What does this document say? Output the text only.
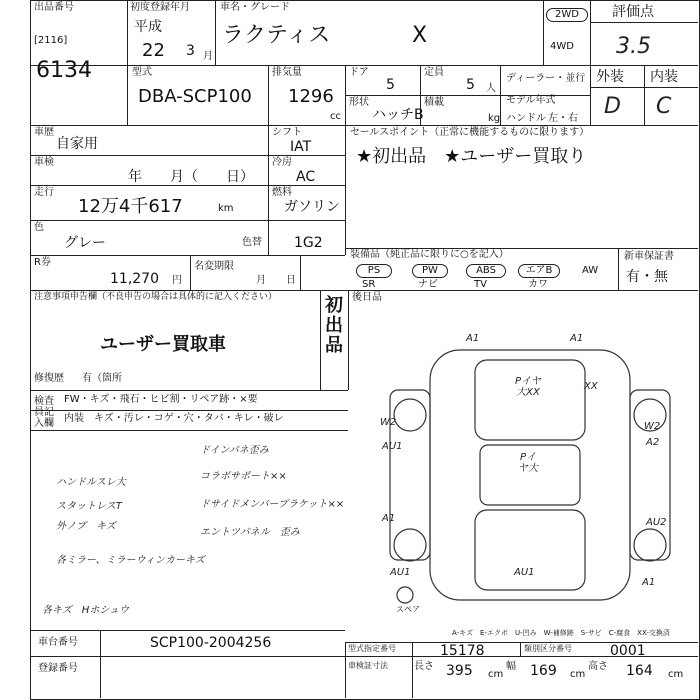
出品番号
[2116]
6134
初度登録年月
平成
22 3 月
車名・グレード
ラクティス	X
2WD
4WD
評価点
3.5
型式
DBA-SCP100
排気量
1296
cc
ドア
5
定員
5 人
形状
ハッチB
積載
kg
ディーラー・並行
モデル年式
ハンドル 左・右
外装 内装
D C
車歴
自家用
シフト
IAT
車検
年　　月（　　日）
冷房
AC
走行
12万4千617	km
燃料
ガソリン
色
グレー	色替 1G2
R券
11,270 円
名変期限
月　　日
セールスポイント（正常に機能するものに限ります）
★初出品　★ユーザー買取り
装備品（純正品に限りに○を記入）
PS	PW	ABS	エアB	AW
SR	ナビ	TV	カワ
新車保証書
有・無
注意事項申告欄（不良申告の場合は具体的に記入ください）
ユーザー買取車
初出品
修復歴 有（箇所
後日品
検査員記入欄
FW・キズ・飛石・ヒビ割・リペア跡・×要
内装　キズ・汚レ・コゲ・穴・タバ・キレ・破レ
ハンドルスレ大
スタットレスT
外ノブ　キズ
各ミラー、ミラーウィンカーキズ
各キズ　Hホシュウ
ドインパネ歪み
コラボサポート××
ドサイドメンバーブラケット××
エントツパネル　歪み
A1	A1
W2	W2
AU1	A2
A1	AU2
AU1	AU1
A1
XX
Pイヤ大XX
Pイヤ大
スペア
A-キズ　E-エクボ　U-凹み　W-補修跡　S-サビ　C-腐食　XX-交換済
車台番号	SCP100-2004256
登録番号
型式指定番号	15178	類別区分番号	0001
車検証寸法	長さ 395 cm
幅 169 cm
高さ 164 cm
